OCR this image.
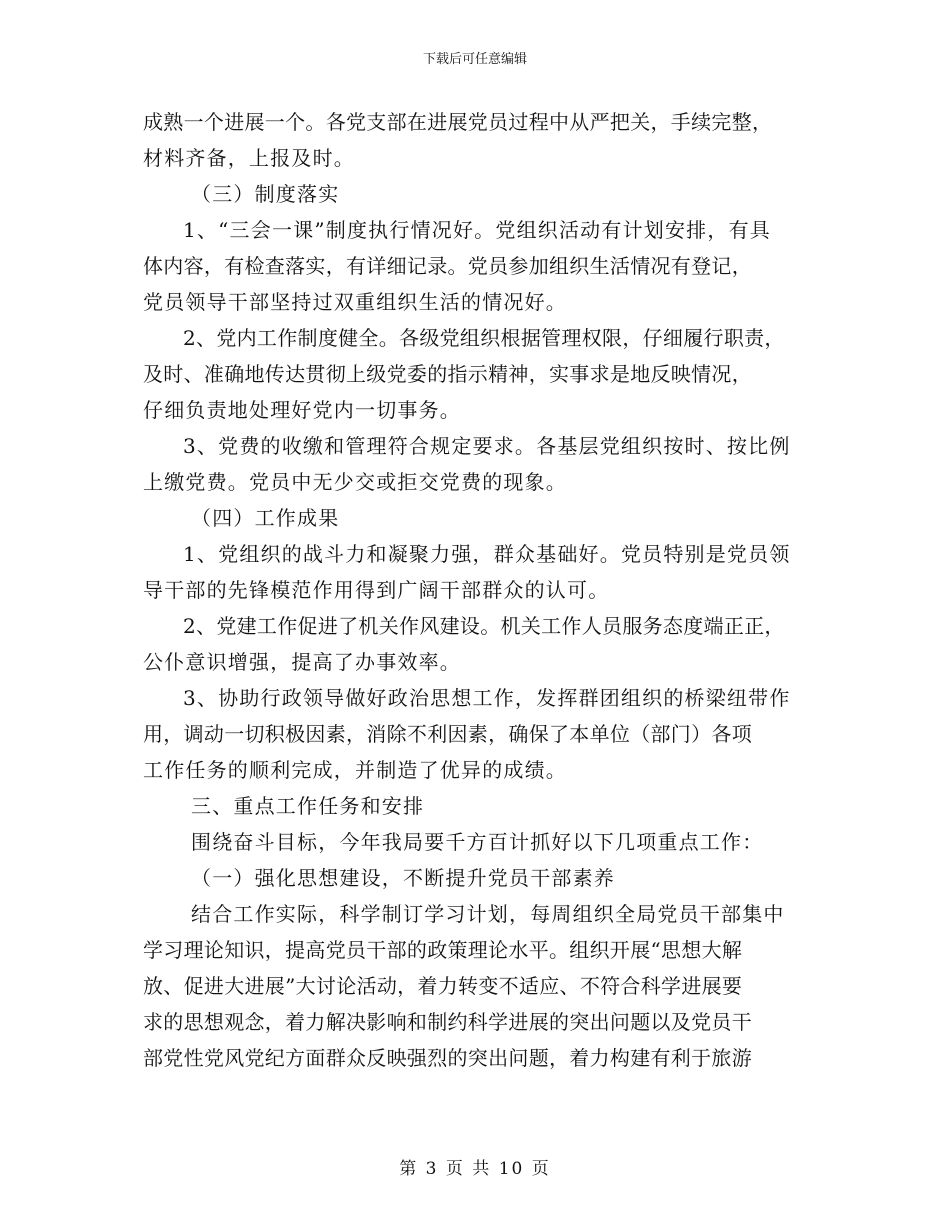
下载后可任意编辑
成熟一个进展一个。各党支部在进展党员过程中从严把关，手续完整，
材料齐备，上报及时。
（三）制度落实
1、“三会一课”制度执行情况好。党组织活动有计划安排，有具
体内容，有检查落实，有详细记录。党员参加组织生活情况有登记，
党员领导干部坚持过双重组织生活的情况好。
2、党内工作制度健全。各级党组织根据管理权限，仔细履行职责，
及时、准确地传达贯彻上级党委的指示精神，实事求是地反映情况，
仔细负责地处理好党内一切事务。
3、党费的收缴和管理符合规定要求。各基层党组织按时、按比例
上缴党费。党员中无少交或拒交党费的现象。
（四）工作成果
1、党组织的战斗力和凝聚力强，群众基础好。党员特别是党员领
导干部的先锋模范作用得到广阔干部群众的认可。
2、党建工作促进了机关作风建设。机关工作人员服务态度端正正，
公仆意识增强，提高了办事效率。
3、协助行政领导做好政治思想工作，发挥群团组织的桥梁纽带作
用，调动一切积极因素，消除不利因素，确保了本单位（部门）各项
工作任务的顺利完成，并制造了优异的成绩。
三、重点工作任务和安排
围绕奋斗目标，今年我局要千方百计抓好以下几项重点工作：
（一）强化思想建设，不断提升党员干部素养
结合工作实际，科学制订学习计划，每周组织全局党员干部集中
学习理论知识，提高党员干部的政策理论水平。组织开展“思想大解
放、促进大进展”大讨论活动，着力转变不适应、不符合科学进展要
求的思想观念，着力解决影响和制约科学进展的突出问题以及党员干
部党性党风党纪方面群众反映强烈的突出问题，着力构建有利于旅游
第 3 页 共 10 页
